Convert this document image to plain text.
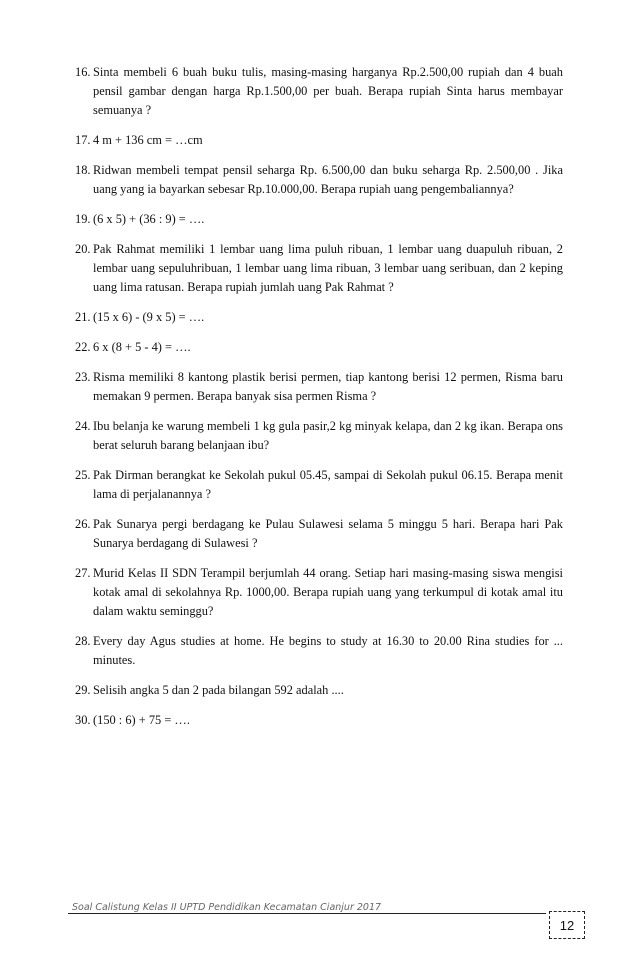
16. Sinta membeli 6 buah buku tulis, masing-masing harganya Rp.2.500,00 rupiah dan 4 buah pensil gambar dengan harga Rp.1.500,00 per buah. Berapa rupiah Sinta harus membayar semuanya ?
17. 4 m + 136 cm = …cm
18. Ridwan membeli tempat pensil seharga Rp. 6.500,00 dan buku seharga Rp. 2.500,00 . Jika uang yang ia bayarkan sebesar Rp.10.000,00. Berapa rupiah uang pengembaliannya?
19. (6 x 5) + (36 : 9) = ….
20. Pak Rahmat memiliki 1 lembar uang lima puluh ribuan, 1 lembar uang duapuluh ribuan, 2 lembar uang sepuluhribuan, 1 lembar uang lima ribuan, 3 lembar uang seribuan, dan 2 keping uang lima ratusan. Berapa rupiah jumlah uang Pak Rahmat ?
21. (15 x 6) - (9 x 5) = ….
22. 6 x (8 + 5 - 4) = ….
23. Risma memiliki 8 kantong plastik berisi permen, tiap kantong berisi 12 permen, Risma baru memakan 9 permen. Berapa banyak sisa permen Risma ?
24. Ibu belanja ke warung membeli 1 kg gula pasir,2 kg minyak kelapa, dan 2 kg ikan. Berapa ons berat seluruh barang belanjaan ibu?
25. Pak Dirman berangkat ke Sekolah pukul 05.45, sampai di Sekolah pukul 06.15. Berapa menit lama di perjalanannya ?
26. Pak Sunarya pergi berdagang ke Pulau Sulawesi selama 5 minggu 5 hari. Berapa hari Pak Sunarya berdagang di Sulawesi ?
27. Murid Kelas II SDN Terampil berjumlah 44 orang. Setiap hari masing-masing siswa mengisi kotak amal di sekolahnya Rp. 1000,00. Berapa rupiah uang yang terkumpul di kotak amal itu dalam waktu seminggu?
28. Every day Agus studies at home. He begins to study at 16.30 to 20.00 Rina studies for ... minutes.
29. Selisih angka 5 dan 2 pada bilangan 592 adalah ....
30. (150 : 6) + 75 = ….
Soal Calistung Kelas II UPTD Pendidikan Kecamatan Cianjur 2017
12
